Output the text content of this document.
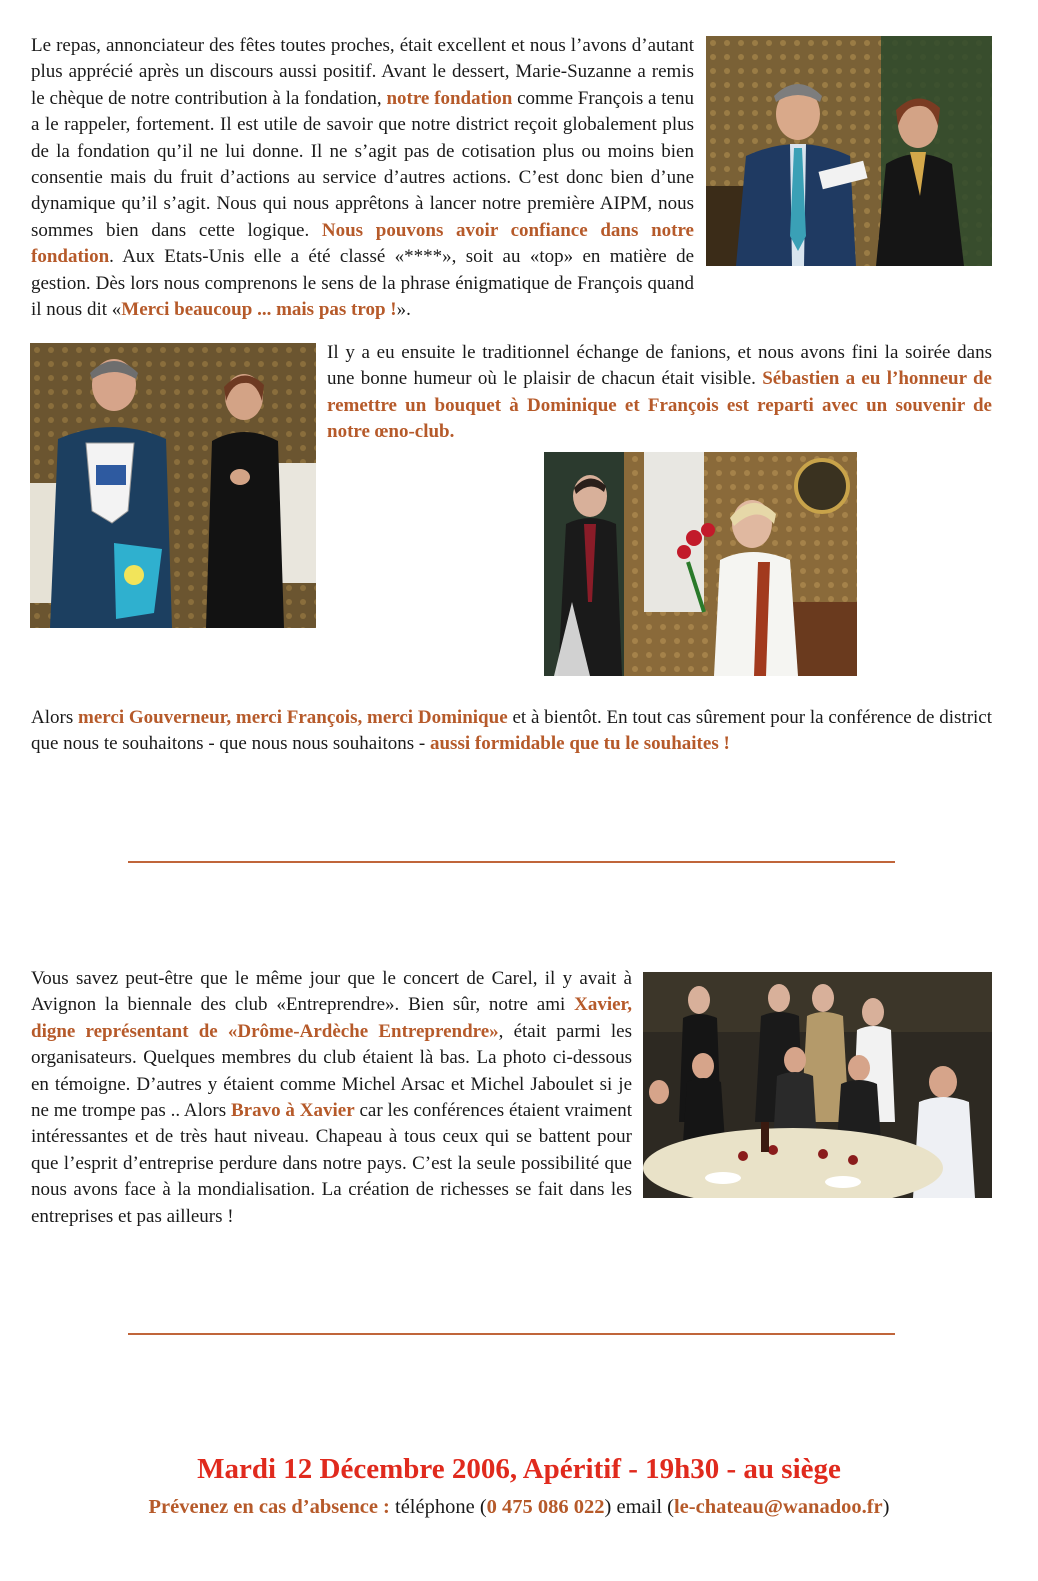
Le repas, annonciateur des fêtes toutes proches, était excellent et nous l’avons d’autant plus apprécié après un discours aussi positif. Avant le dessert, Marie-Suzanne a remis le chèque de notre contribution à la fondation, notre fondation comme François a tenu a le rappeler, fortement. Il est utile de savoir que notre district reçoit globalement plus de la fondation qu’il ne lui donne. Il ne s’agit pas de cotisation plus ou moins bien consentie mais du fruit d’actions au service d’autres actions. C’est donc bien d’une dynamique qu’il s’agit. Nous qui nous apprêtons à lancer notre première AIPM, nous sommes bien dans cette logique. Nous pouvons avoir confiance dans notre fondation. Aux Etats-Unis elle a été classé «****», soit au «top» en matière de gestion. Dès lors nous comprenons le sens de la phrase énigmatique de François quand il nous dit «Merci beaucoup ... mais pas trop !».
Il y a eu ensuite le traditionnel échange de fanions, et nous avons fini la soirée dans une bonne humeur où le plaisir de chacun était visible. Sébastien a eu l’honneur de remettre un bouquet à Dominique et François est reparti avec un souvenir de notre œno-club.
Alors merci Gouverneur, merci François, merci Dominique et à bientôt. En tout cas sûrement pour la conférence de district que nous te souhaitons - que nous nous souhaitons - aussi formidable que tu le souhaites !
Vous savez peut-être que le même jour que le concert de Carel, il y avait à Avignon la biennale des club «Entreprendre». Bien sûr, notre ami Xavier, digne représentant de «Drôme-Ardèche Entreprendre», était parmi les organisateurs. Quelques membres du club étaient là bas. La photo ci-dessous en témoigne. D’autres y étaient comme Michel Arsac et Michel Jaboulet si je ne me trompe pas .. Alors Bravo à Xavier car les conférences étaient vraiment intéressantes et de très haut niveau. Chapeau à tous ceux qui se battent pour que l’esprit d’entreprise perdure dans notre pays. C’est la seule possibilité que nous avons face à la mondialisation. La création de richesses se fait dans les entreprises et pas ailleurs !
Mardi 12 Décembre 2006, Apéritif - 19h30 - au siège
Prévenez en cas d’absence : téléphone (0 475 086 022) email (le-chateau@wanadoo.fr)
